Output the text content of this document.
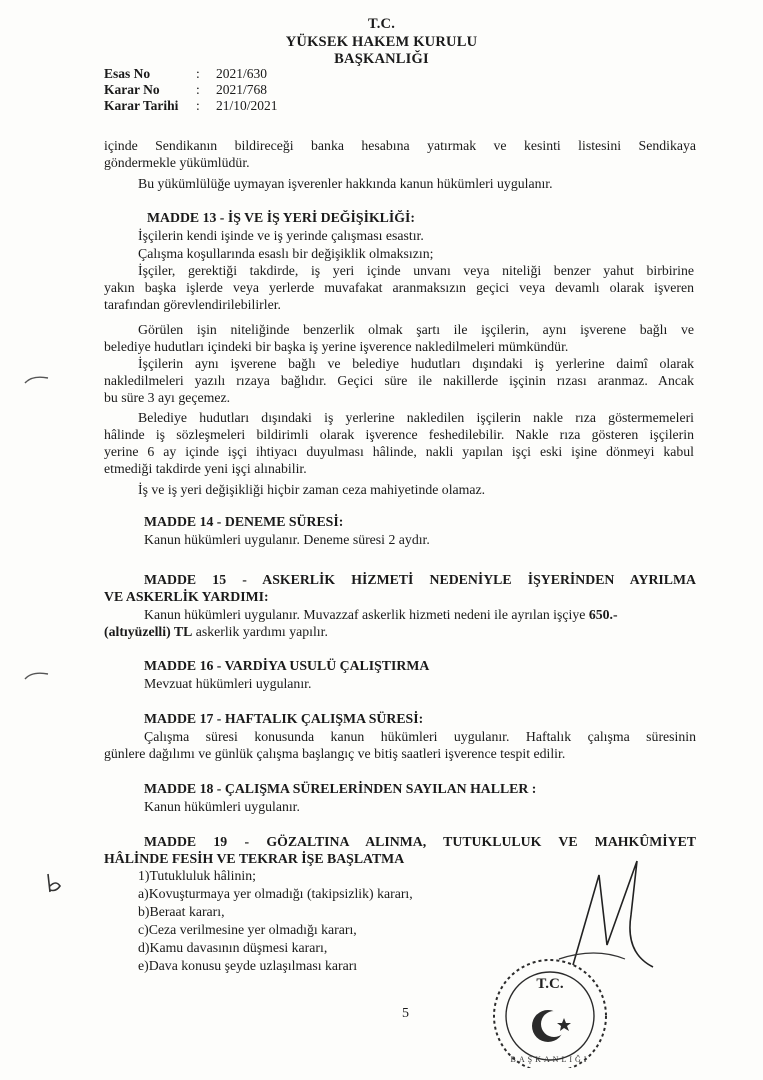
T.C.
YÜKSEK HAKEM KURULU
BAŞKANLIĞI
Esas No	: 2021/630
Karar No	: 2021/768
Karar Tarihi : 21/10/2021
içinde Sendikanın bildireceği banka hesabına yatırmak ve kesinti listesini Sendikaya
göndermekle yükümlüdür.
Bu yükümlülüğe uymayan işverenler hakkında kanun hükümleri uygulanır.
MADDE 13 - İŞ VE İŞ YERİ DEĞİŞİKLİĞİ:
İşçilerin kendi işinde ve iş yerinde çalışması esastır.
Çalışma koşullarında esaslı bir değişiklik olmaksızın;
İşçiler, gerektiği takdirde, iş yeri içinde unvanı veya niteliği benzer yahut birbirine
yakın başka işlerde veya yerlerde muvafakat aranmaksızın geçici veya devamlı olarak işveren
tarafından görevlendirilebilirler.
Görülen işin niteliğinde benzerlik olmak şartı ile işçilerin, aynı işverene bağlı ve
belediye hudutları içindeki bir başka iş yerine işverence nakledilmeleri mümkündür.
İşçilerin aynı işverene bağlı ve belediye hudutları dışındaki iş yerlerine daimî olarak
nakledilmeleri yazılı rızaya bağlıdır. Geçici süre ile nakillerde işçinin rızası aranmaz. Ancak
bu süre 3 ayı geçemez.
Belediye hudutları dışındaki iş yerlerine nakledilen işçilerin nakle rıza göstermemeleri
hâlinde iş sözleşmeleri bildirimli olarak işverence feshedilebilir. Nakle rıza gösteren işçilerin
yerine 6 ay içinde işçi ihtiyacı duyulması hâlinde, nakli yapılan işçi eski işine dönmeyi kabul
etmediği takdirde yeni işçi alınabilir.
İş ve iş yeri değişikliği hiçbir zaman ceza mahiyetinde olamaz.
MADDE 14 - DENEME SÜRESİ:
Kanun hükümleri uygulanır. Deneme süresi 2 aydır.
MADDE 15 - ASKERLİK HİZMETİ NEDENİYLE İŞYERİNDEN AYRILMA
VE ASKERLİK YARDIMI:
Kanun hükümleri uygulanır. Muvazzaf askerlik hizmeti nedeni ile ayrılan işçiye 650.-
(altıyüzelli) TL askerlik yardımı yapılır.
MADDE 16 - VARDİYA USULÜ ÇALIŞTIRMA
Mevzuat hükümleri uygulanır.
MADDE 17 - HAFTALIK ÇALIŞMA SÜRESİ:
Çalışma süresi konusunda kanun hükümleri uygulanır. Haftalık çalışma süresinin
günlere dağılımı ve günlük çalışma başlangıç ve bitiş saatleri işverence tespit edilir.
MADDE 18 - ÇALIŞMA SÜRELERİNDEN SAYILAN HALLER :
Kanun hükümleri uygulanır.
MADDE 19 - GÖZALTINA ALINMA, TUTUKLULUK VE MAHKÛMİYET
HÂLİNDE FESİH VE TEKRAR İŞE BAŞLATMA
1)Tutukluluk hâlinin;
a)Kovuşturmaya yer olmadığı (takipsizlik) kararı,
b)Beraat kararı,
c)Ceza verilmesine yer olmadığı kararı,
d)Kamu davasının düşmesi kararı,
e)Dava konusu şeyde uzlaşılması kararı
5
T.C.
BAŞKANLIĞI
